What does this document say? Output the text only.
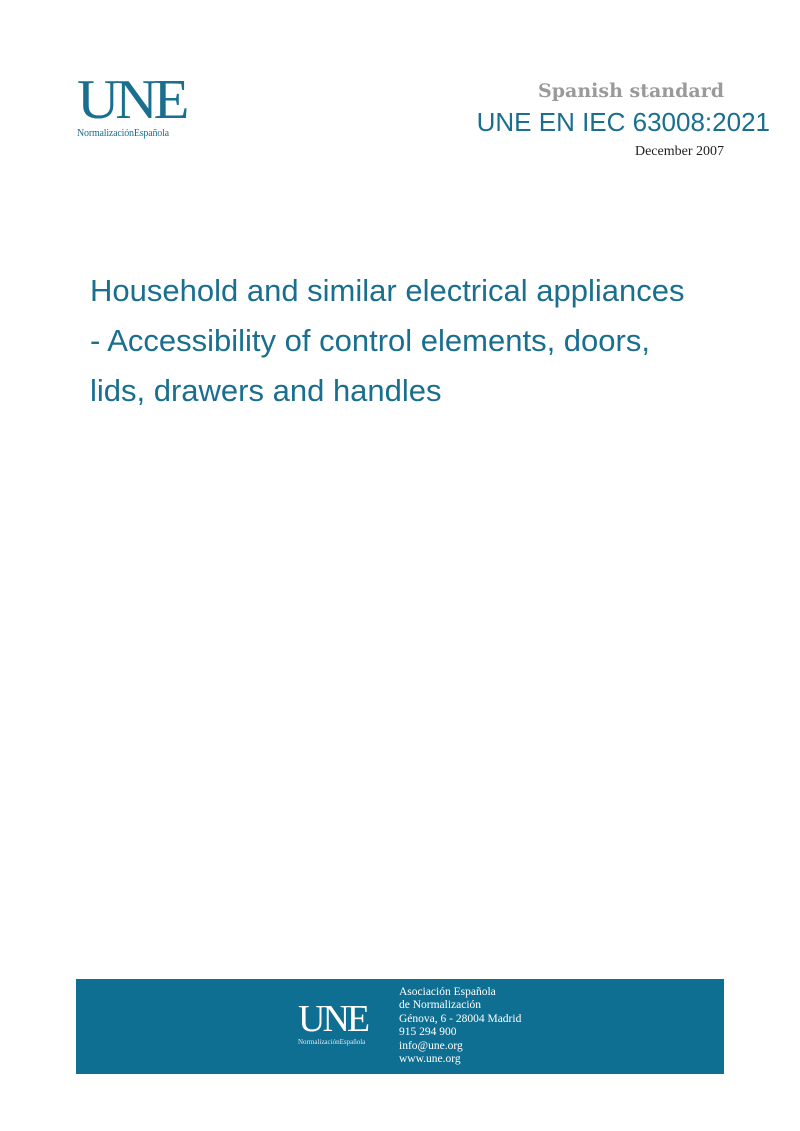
UNE
NormalizaciónEspañola
Spanish standard
UNE EN IEC 63008:2021
December 2007
Household and similar electrical appliances
- Accessibility of control elements, doors,
lids, drawers and handles
UNE
NormalizaciónEspañola
Asociación Española
de Normalización
Génova, 6 - 28004 Madrid
915 294 900
info@une.org
www.une.org
